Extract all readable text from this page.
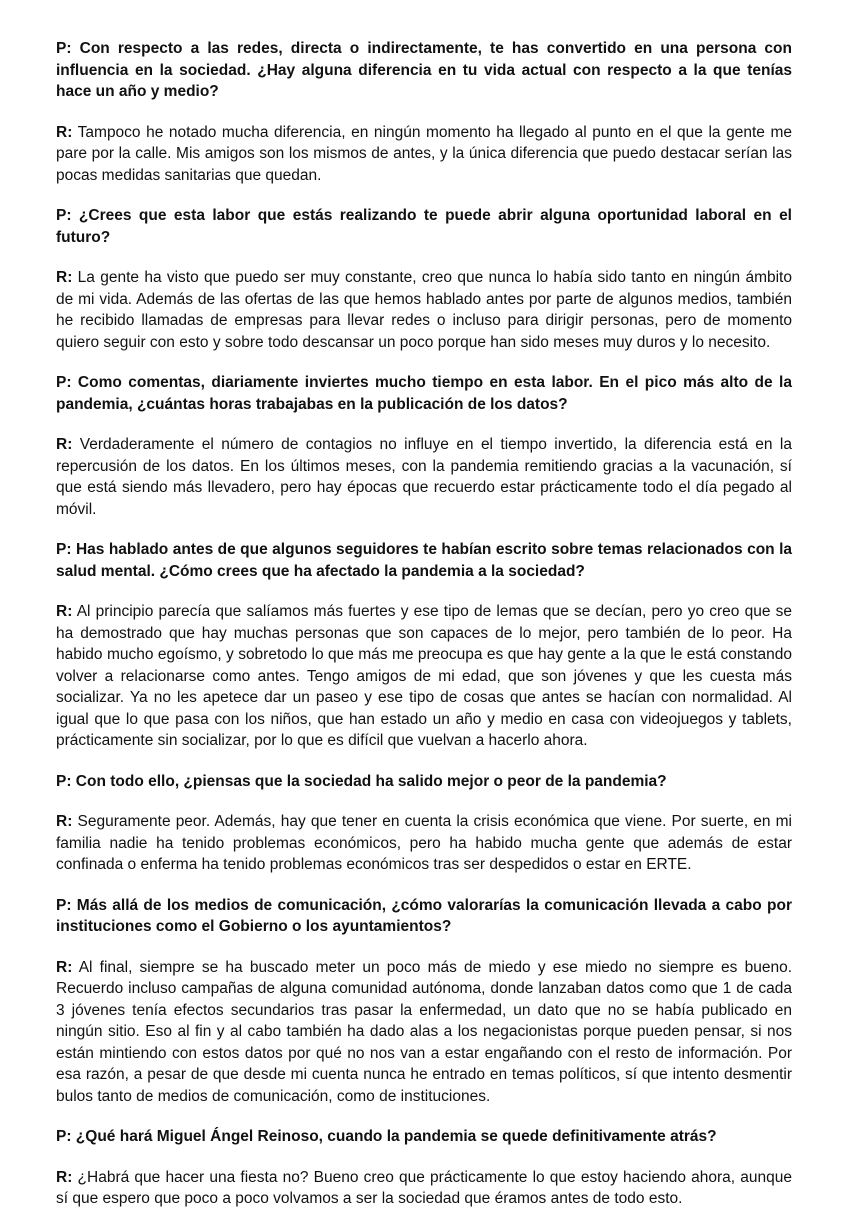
P: Con respecto a las redes, directa o indirectamente, te has convertido en una persona con influencia en la sociedad. ¿Hay alguna diferencia en tu vida actual con respecto a la que tenías hace un año y medio?

R: Tampoco he notado mucha diferencia, en ningún momento ha llegado al punto en el que la gente me pare por la calle. Mis amigos son los mismos de antes, y la única diferencia que puedo destacar serían las pocas medidas sanitarias que quedan.

P: ¿Crees que esta labor que estás realizando te puede abrir alguna oportunidad laboral en el futuro?

R: La gente ha visto que puedo ser muy constante, creo que nunca lo había sido tanto en ningún ámbito de mi vida. Además de las ofertas de las que hemos hablado antes por parte de algunos medios, también he recibido llamadas de empresas para llevar redes o incluso para dirigir personas, pero de momento quiero seguir con esto y sobre todo descansar un poco porque han sido meses muy duros y lo necesito.

P: Como comentas, diariamente inviertes mucho tiempo en esta labor. En el pico más alto de la pandemia, ¿cuántas horas trabajabas en la publicación de los datos?

R: Verdaderamente el número de contagios no influye en el tiempo invertido, la diferencia está en la repercusión de los datos. En los últimos meses, con la pandemia remitiendo gracias a la vacunación, sí que está siendo más llevadero, pero hay épocas que recuerdo estar prácticamente todo el día pegado al móvil.

P: Has hablado antes de que algunos seguidores te habían escrito sobre temas relacionados con la salud mental. ¿Cómo crees que ha afectado la pandemia a la sociedad?

R: Al principio parecía que salíamos más fuertes y ese tipo de lemas que se decían, pero yo creo que se ha demostrado que hay muchas personas que son capaces de lo mejor, pero también de lo peor. Ha habido mucho egoísmo, y sobretodo lo que más me preocupa es que hay gente a la que le está constando volver a relacionarse como antes. Tengo amigos de mi edad, que son jóvenes y que les cuesta más socializar. Ya no les apetece dar un paseo y ese tipo de cosas que antes se hacían con normalidad. Al igual que lo que pasa con los niños, que han estado un año y medio en casa con videojuegos y tablets, prácticamente sin socializar, por lo que es difícil que vuelvan a hacerlo ahora.

P: Con todo ello, ¿piensas que la sociedad ha salido mejor o peor de la pandemia?

R: Seguramente peor. Además, hay que tener en cuenta la crisis económica que viene. Por suerte, en mi familia nadie ha tenido problemas económicos, pero ha habido mucha gente que además de estar confinada o enferma ha tenido problemas económicos tras ser despedidos o estar en ERTE.

P: Más allá de los medios de comunicación, ¿cómo valorarías la comunicación llevada a cabo por instituciones como el Gobierno o los ayuntamientos?

R: Al final, siempre se ha buscado meter un poco más de miedo y ese miedo no siempre es bueno. Recuerdo incluso campañas de alguna comunidad autónoma, donde lanzaban datos como que 1 de cada 3 jóvenes tenía efectos secundarios tras pasar la enfermedad, un dato que no se había publicado en ningún sitio. Eso al fin y al cabo también ha dado alas a los negacionistas porque pueden pensar, si nos están mintiendo con estos datos por qué no nos van a estar engañando con el resto de información. Por esa razón, a pesar de que desde mi cuenta nunca he entrado en temas políticos, sí que intento desmentir bulos tanto de medios de comunicación, como de instituciones.

P: ¿Qué hará Miguel Ángel Reinoso, cuando la pandemia se quede definitivamente atrás?

R: ¿Habrá que hacer una fiesta no? Bueno creo que prácticamente lo que estoy haciendo ahora, aunque sí que espero que poco a poco volvamos a ser la sociedad que éramos antes de todo esto.
